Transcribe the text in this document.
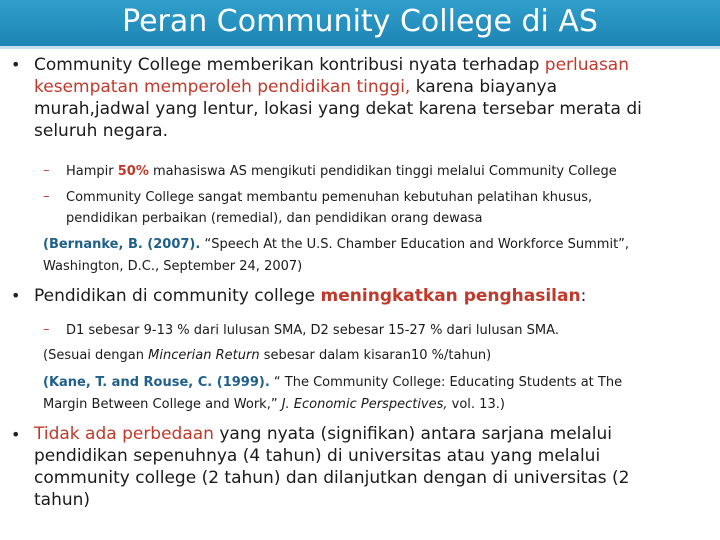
Peran Community College di AS
• Community College memberikan kontribusi nyata terhadap perluasan
kesempatan memperoleh pendidikan tinggi, karena biayanya
murah,jadwal yang lentur, lokasi yang dekat karena tersebar merata di
seluruh negara.
– Hampir 50% mahasiswa AS mengikuti pendidikan tinggi melalui Community College
– Community College sangat membantu pemenuhan kebutuhan pelatihan khusus,
pendidikan perbaikan (remedial), dan pendidikan orang dewasa
(Bernanke, B. (2007). “Speech At the U.S. Chamber Education and Workforce Summit”,
Washington, D.C., September 24, 2007)
• Pendidikan di community college meningkatkan penghasilan:
– D1 sebesar 9-13 % dari lulusan SMA, D2 sebesar 15-27 % dari lulusan SMA.
(Sesuai dengan Mincerian Return sebesar dalam kisaran10 %/tahun)
(Kane, T. and Rouse, C. (1999). “ The Community College: Educating Students at The
Margin Between College and Work,” J. Economic Perspectives, vol. 13.)
• Tidak ada perbedaan yang nyata (signifikan) antara sarjana melalui
pendidikan sepenuhnya (4 tahun) di universitas atau yang melalui
community college (2 tahun) dan dilanjutkan dengan di universitas (2
tahun)
